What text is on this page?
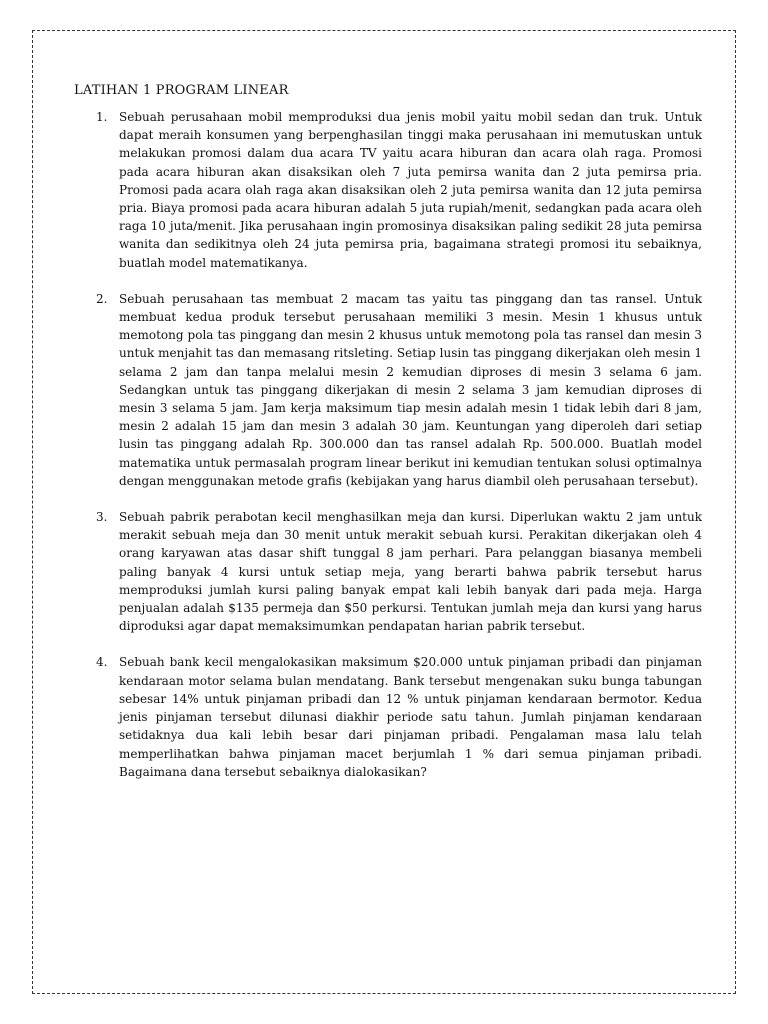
LATIHAN 1 PROGRAM LINEAR
1. Sebuah perusahaan mobil memproduksi dua jenis mobil yaitu mobil sedan dan truk. Untuk dapat meraih konsumen yang berpenghasilan tinggi maka perusahaan ini memutuskan untuk melakukan promosi dalam dua acara TV yaitu acara hiburan dan acara olah raga. Promosi pada acara hiburan akan disaksikan oleh 7 juta pemirsa wanita dan 2 juta pemirsa pria. Promosi pada acara olah raga akan disaksikan oleh 2 juta pemirsa wanita dan 12 juta pemirsa pria. Biaya promosi pada acara hiburan adalah 5 juta rupiah/menit, sedangkan pada acara oleh raga 10 juta/menit. Jika perusahaan ingin promosinya disaksikan paling sedikit 28 juta pemirsa wanita dan sedikitnya oleh 24 juta pemirsa pria, bagaimana strategi promosi itu sebaiknya, buatlah model matematikanya.
2. Sebuah perusahaan tas membuat 2 macam tas yaitu tas pinggang dan tas ransel. Untuk membuat kedua produk tersebut perusahaan memiliki 3 mesin. Mesin 1 khusus untuk memotong pola tas pinggang dan mesin 2 khusus untuk memotong pola tas ransel dan mesin 3 untuk menjahit tas dan memasang ritsleting. Setiap lusin tas pinggang dikerjakan oleh mesin 1 selama 2 jam dan tanpa melalui mesin 2 kemudian diproses di mesin 3 selama 6 jam. Sedangkan untuk tas pinggang dikerjakan di mesin 2 selama 3 jam kemudian diproses di mesin 3 selama 5 jam. Jam kerja maksimum tiap mesin adalah mesin 1 tidak lebih dari 8 jam, mesin 2 adalah 15 jam dan mesin 3 adalah 30 jam. Keuntungan yang diperoleh dari setiap lusin tas pinggang adalah Rp. 300.000 dan tas ransel adalah Rp. 500.000. Buatlah model matematika untuk permasalah program linear berikut ini kemudian tentukan solusi optimalnya dengan menggunakan metode grafis (kebijakan yang harus diambil oleh perusahaan tersebut).
3. Sebuah pabrik perabotan kecil menghasilkan meja dan kursi. Diperlukan waktu 2 jam untuk merakit sebuah meja dan 30 menit untuk merakit sebuah kursi. Perakitan dikerjakan oleh 4 orang karyawan atas dasar shift tunggal 8 jam perhari. Para pelanggan biasanya membeli paling banyak 4 kursi untuk setiap meja, yang berarti bahwa pabrik tersebut harus memproduksi jumlah kursi paling banyak empat kali lebih banyak dari pada meja. Harga penjualan adalah $135 permeja dan $50 perkursi. Tentukan jumlah meja dan kursi yang harus diproduksi agar dapat memaksimumkan pendapatan harian pabrik tersebut.
4. Sebuah bank kecil mengalokasikan maksimum $20.000 untuk pinjaman pribadi dan pinjaman kendaraan motor selama bulan mendatang. Bank tersebut mengenakan suku bunga tabungan sebesar 14% untuk pinjaman pribadi dan 12 % untuk pinjaman kendaraan bermotor. Kedua jenis pinjaman tersebut dilunasi diakhir periode satu tahun. Jumlah pinjaman kendaraan setidaknya dua kali lebih besar dari pinjaman pribadi. Pengalaman masa lalu telah memperlihatkan bahwa pinjaman macet berjumlah 1 % dari semua pinjaman pribadi. Bagaimana dana tersebut sebaiknya dialokasikan?
